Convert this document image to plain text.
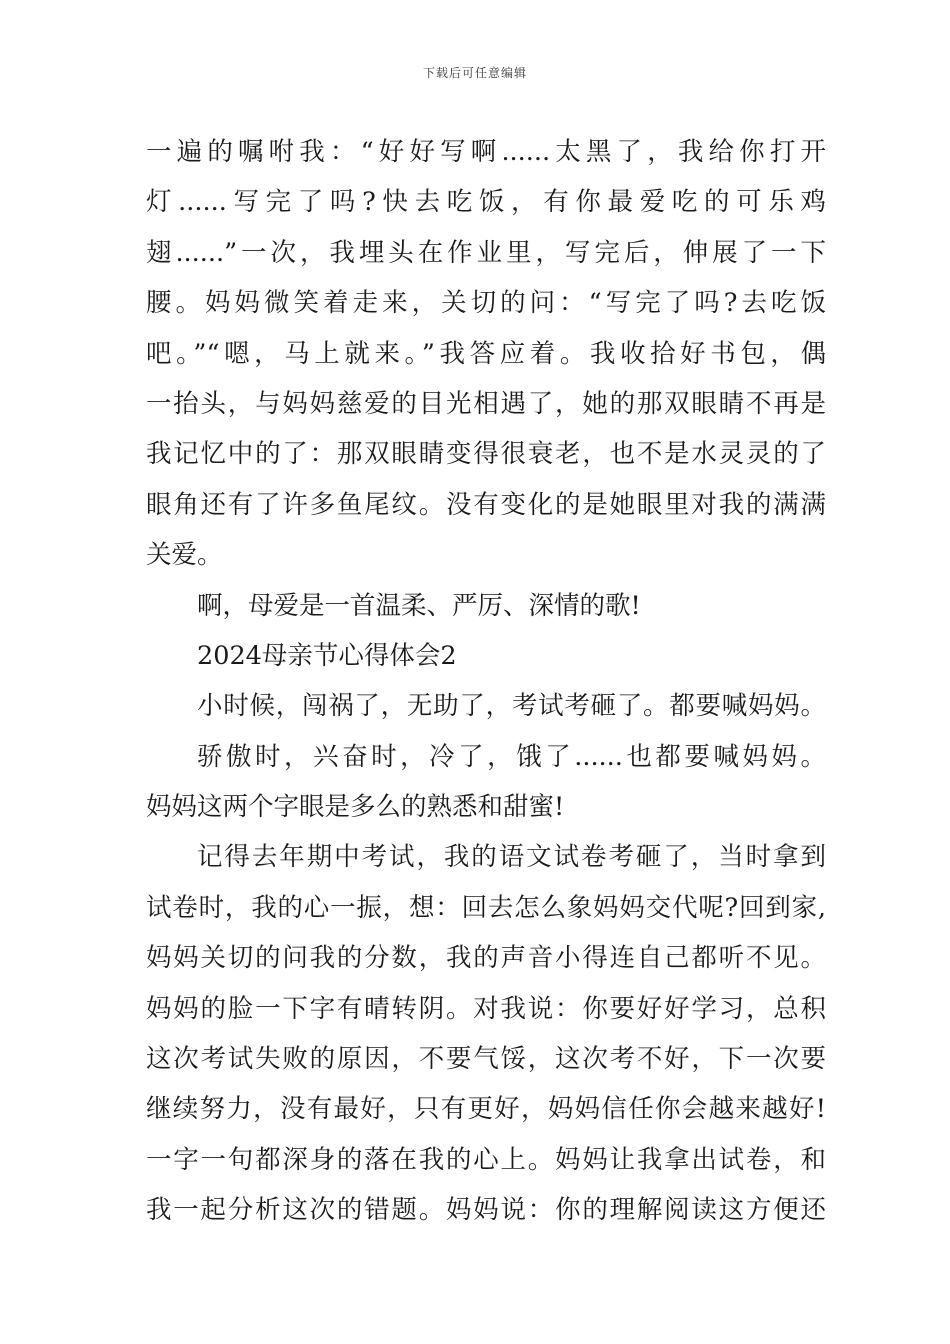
下载后可任意编辑
一遍的嘱咐我：“好好写啊......太黑了，我给你打开
灯......写完了吗?快去吃饭，有你最爱吃的可乐鸡
翅......”一次，我埋头在作业里，写完后，伸展了一下
腰。妈妈微笑着走来，关切的问：“写完了吗?去吃饭
吧。”“嗯，马上就来。”我答应着。我收拾好书包，偶
一抬头，与妈妈慈爱的目光相遇了，她的那双眼睛不再是
我记忆中的了：那双眼睛变得很衰老，也不是水灵灵的了
眼角还有了许多鱼尾纹。没有变化的是她眼里对我的满满
关爱。
啊，母爱是一首温柔、严厉、深情的歌!
2024母亲节心得体会2
小时候，闯祸了，无助了，考试考砸了。都要喊妈妈。
骄傲时，兴奋时，冷了，饿了......也都要喊妈妈。
妈妈这两个字眼是多么的熟悉和甜蜜!
记得去年期中考试，我的语文试卷考砸了，当时拿到
试卷时，我的心一振，想：回去怎么象妈妈交代呢?回到家,
妈妈关切的问我的分数，我的声音小得连自己都听不见。
妈妈的脸一下字有晴转阴。对我说：你要好好学习，总积
这次考试失败的原因，不要气馁，这次考不好，下一次要
继续努力，没有最好，只有更好，妈妈信任你会越来越好!
一字一句都深身的落在我的心上。妈妈让我拿出试卷，和
我一起分析这次的错题。妈妈说：你的理解阅读这方便还
